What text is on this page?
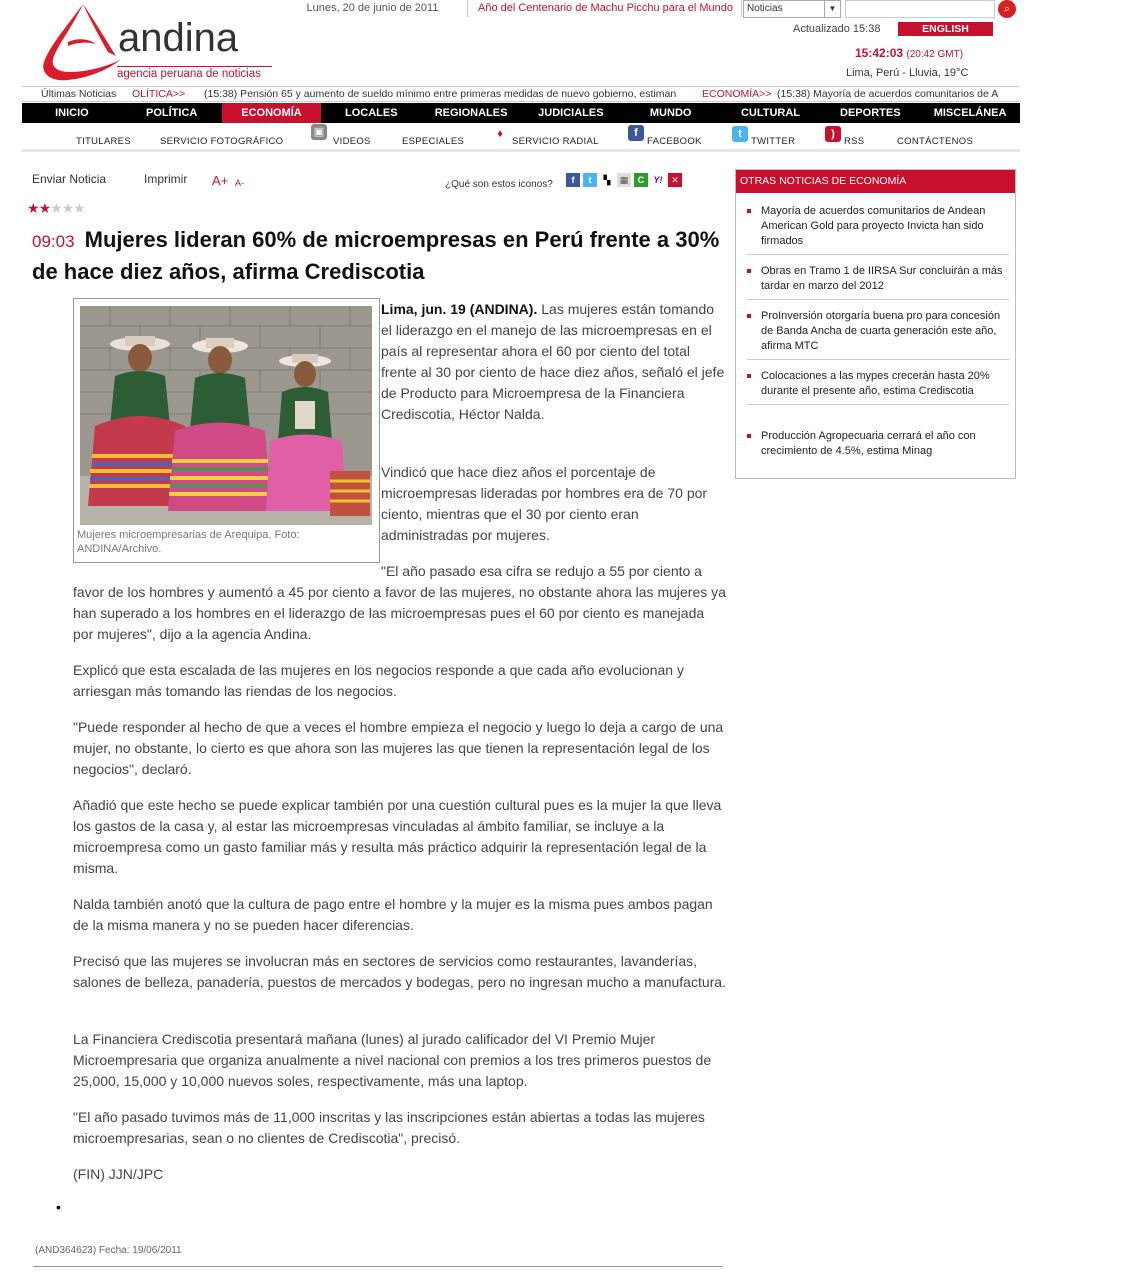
andina
agencia peruana de noticias
Lunes, 20 de junio de 2011	Año del Centenario de Machu Picchu para el Mundo	Noticias	▼	⌕
Actualizado 15:38	ENGLISH VERSION
15:42:03 (20:42 GMT)
Lima, Perú - Lluvia, 19°C
Últimas Noticias OLÍTICA>> (15:38) Pensión 65 y aumento de sueldo mínimo entre primeras medidas de nuevo gobierno, estiman ECONOMÍA>> (15:38) Mayoría de acuerdos comunitarios de A
INICIO	POLÍTICA	ECONOMÍA	LOCALES	REGIONALES	JUDICIALES	MUNDO	CULTURAL	DEPORTES	MISCELÁNEA
TITULARES	SERVICIO FOTOGRÁFICO
▣
VIDEOS	ESPECIALES
♦
SERVICIO RADIAL
f
FACEBOOK
t
TWITTER
)
RSS	CONTÁCTENOS
Enviar Noticia	Imprimir A+ A-	¿Qué son estos iconos?	f	t	▚	▦	C	Y! ✕
★★★★★
09:03 Mujeres lideran 60% de microempresas en Perú frente a 30% de hace diez años, afirma Crediscotia
Mujeres microempresarias de Arequipa. Foto: ANDINA/Archivo.
Lima, jun. 19 (ANDINA). Las mujeres están tomando el liderazgo en el manejo de las microempresas en el país al representar ahora el 60 por ciento del total frente al 30 por ciento de hace diez años, señaló el jefe de Producto para Microempresa de la Financiera Crediscotia, Héctor Nalda.
Vindicó que hace diez años el porcentaje de microempresas lideradas por hombres era de 70 por ciento, mientras que el 30 por ciento eran administradas por mujeres.
"El año pasado esa cifra se redujo a 55 por ciento a
favor de los hombres y aumentó a 45 por ciento a favor de las mujeres, no obstante ahora las mujeres ya han superado a los hombres en el liderazgo de las microempresas pues el 60 por ciento es manejada por mujeres", dijo a la agencia Andina.
Explicó que esta escalada de las mujeres en los negocios responde a que cada año evolucionan y arriesgan más tomando las riendas de los negocios.
"Puede responder al hecho de que a veces el hombre empieza el negocio y luego lo deja a cargo de una mujer, no obstante, lo cierto es que ahora son las mujeres las que tienen la representación legal de los negocios", declaró.
Añadió que este hecho se puede explicar también por una cuestión cultural pues es la mujer la que lleva los gastos de la casa y, al estar las microempresas vinculadas al ámbito familiar, se incluye a la microempresa como un gasto familiar más y resulta más práctico adquirir la representación legal de la misma.
Nalda también anotó que la cultura de pago entre el hombre y la mujer es la misma pues ambos pagan de la misma manera y no se pueden hacer diferencias.
Precisó que las mujeres se involucran más en sectores de servicios como restaurantes, lavanderías, salones de belleza, panadería, puestos de mercados y bodegas, pero no ingresan mucho a manufactura.
La Financiera Crediscotia presentará mañana (lunes) al jurado calificador del VI Premio Mujer Microempresaria que organiza anualmente a nivel nacional con premios a los tres primeros puestos de 25,000, 15,000 y 10,000 nuevos soles, respectivamente, más una laptop.
"El año pasado tuvimos más de 11,000 inscritas y las inscripciones están abiertas a todas las mujeres microempresarias, sean o no clientes de Crediscotia", precisó.
(FIN) JJN/JPC
•
(AND364623) Fecha: 19/06/2011
OTRAS NOTICIAS DE ECONOMÍA
Mayoría de acuerdos comunitarios de Andean American Gold para proyecto Invicta han sido firmados
Obras en Tramo 1 de IIRSA Sur concluirán a más tardar en marzo del 2012
ProInversión otorgaría buena pro para concesión de Banda Ancha de cuarta generación este año, afirma MTC
Colocaciones a las mypes crecerán hasta 20% durante el presente año, estima Crediscotia
Producción Agropecuaria cerrará el año con crecimiento de 4.5%, estima Minag
